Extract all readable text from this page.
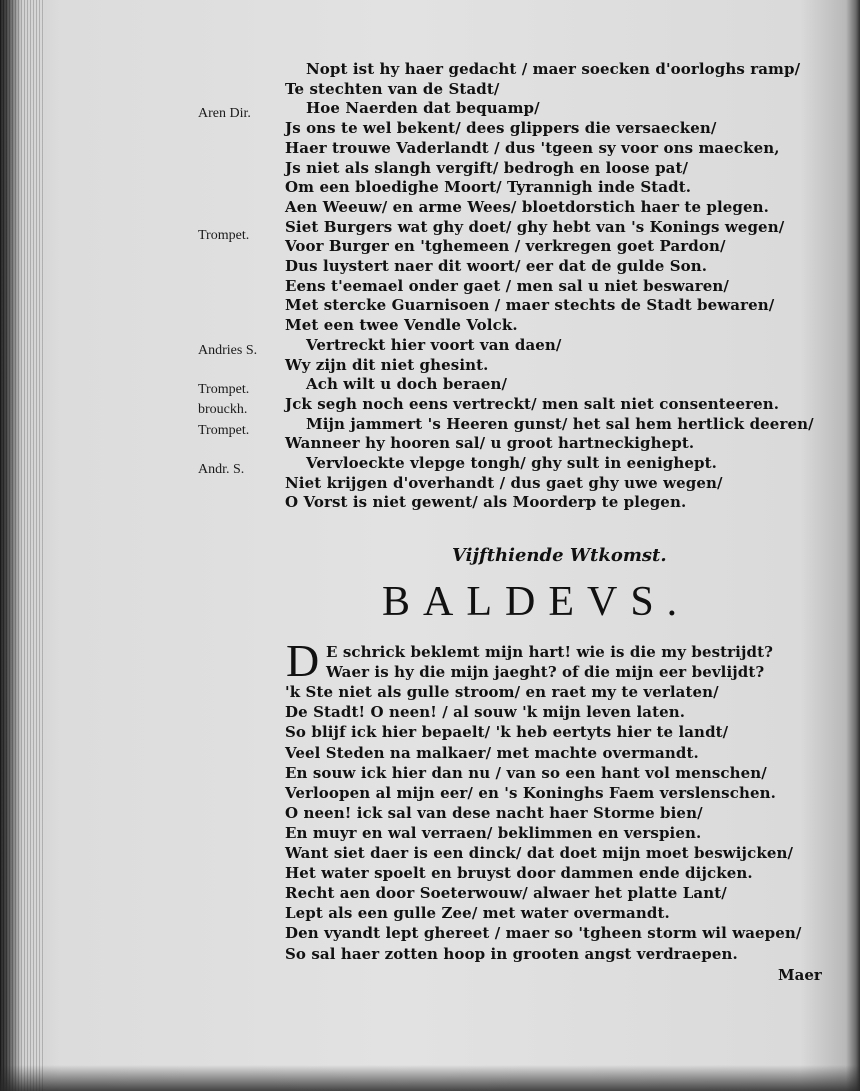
Aren Dir.
Trompet.
Andries S.
Trompet.
brouckh.
Trompet.
Andr. S.
Nopt ist hy haer gedacht / maer soecken d'oorloghs ramp/
Te stechten van de Stadt/
Hoe Naerden dat bequamp/
Js ons te wel bekent/ dees glippers die versaecken/
Haer trouwe Vaderlandt / dus 'tgeen sy voor ons maecken,
Js niet als slangh vergift/ bedrogh en loose pat/
Om een bloedighe Moort/ Tyrannigh inde Stadt.
Aen Weeuw/ en arme Wees/ bloetdorstich haer te plegen.
Siet Burgers wat ghy doet/ ghy hebt van 's Konings wegen/
Voor Burger en 'tghemeen / verkregen goet Pardon/
Dus luystert naer dit woort/ eer dat de gulde Son.
Eens t'eemael onder gaet / men sal u niet beswaren/
Met stercke Guarnisoen / maer stechts de Stadt bewaren/
Met een twee Vendle Volck.
Vertreckt hier voort van daen/
Wy zijn dit niet ghesint.
Ach wilt u doch beraen/
Jck segh noch eens vertreckt/ men salt niet consenteeren.
Mijn jammert 's Heeren gunst/ het sal hem hertlick deeren/
Wanneer hy hooren sal/ u groot hartneckighept.
Vervloeckte vlepge tongh/ ghy sult in eenighept.
Niet krijgen d'overhandt / dus gaet ghy uwe wegen/
O Vorst is niet gewent/ als Moorderp te plegen.
Vijfthiende Wtkomst.
BALDEVS.
D E schrick beklemt mijn hart! wie is die my bestrijdt?
Waer is hy die mijn jaeght? of die mijn eer bevlijdt?
'k Ste niet als gulle stroom/ en raet my te verlaten/
De Stadt! O neen! / al souw 'k mijn leven laten.
So blijf ick hier bepaelt/ 'k heb eertyts hier te landt/
Veel Steden na malkaer/ met machte overmandt.
En souw ick hier dan nu / van so een hant vol menschen/
Verloopen al mijn eer/ en 's Koninghs Faem verslenschen.
O neen! ick sal van dese nacht haer Storme bien/
En muyr en wal verraen/ beklimmen en verspien.
Want siet daer is een dinck/ dat doet mijn moet beswijcken/
Het water spoelt en bruyst door dammen ende dijcken.
Recht aen door Soeterwouw/ alwaer het platte Lant/
Lept als een gulle Zee/ met water overmandt.
Den vyandt lept ghereet / maer so 'tgheen storm wil waepen/
So sal haer zotten hoop in grooten angst verdraepen.
Maer
